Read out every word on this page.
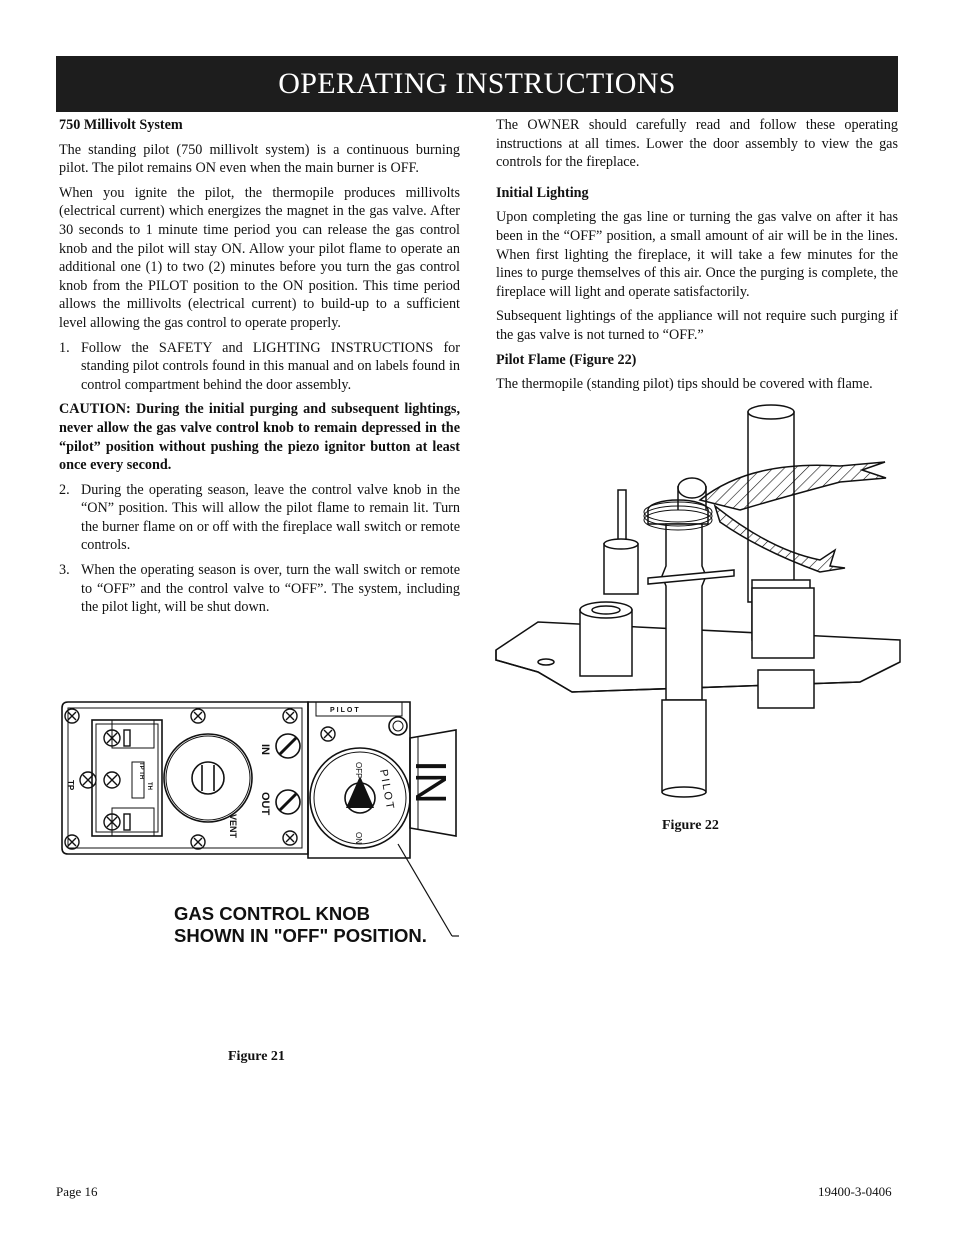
OPERATING INSTRUCTIONS

750 Millivolt System

The standing pilot (750 millivolt system) is a continuous burning pilot. The pilot remains ON even when the main burner is OFF.

When you ignite the pilot, the thermopile produces millivolts (electrical current) which energizes the magnet in the gas valve. After 30 seconds to 1 minute time period you can release the gas control knob and the pilot will stay ON. Allow your pilot flame to operate an additional one (1) to two (2) minutes before you turn the gas control knob from the PILOT position to the ON position. This time period allows the millivolts (electrical current) to build-up to a sufficient level allowing the gas control to operate properly.

1. Follow the SAFETY and LIGHTING INSTRUCTIONS for standing pilot controls found in this manual and on labels found in control compartment behind the door assembly.

CAUTION: During the initial purging and subsequent lightings, never allow the gas valve control knob to remain depressed in the “pilot” position without pushing the piezo ignitor button at least once every second.

2. During the operating season, leave the control valve knob in the “ON” position. This will allow the pilot flame to remain lit. Turn the burner flame on or off with the fireplace wall switch or remote controls.
3. When the operating season is over, turn the wall switch or remote to “OFF” and the control valve to “OFF”. The system, including the pilot light, will be shut down.

The OWNER should carefully read and follow these operating instructions at all times. Lower the door assembly to view the gas controls for the fireplace.

Initial Lighting

Upon completing the gas line or turning the gas valve on after it has been in the “OFF” position, a small amount of air will be in the lines. When first lighting the fireplace, it will take a few minutes for the lines to purge themselves of this air. Once the purging is complete, the fireplace will light and operate satisfactorily.

Subsequent lightings of the appliance will not require such purging if the gas valve is not turned to “OFF.”

Pilot Flame (Figure 22)

The thermopile (standing pilot) tips should be covered with flame.

PILOT
TP
TP TH
TH
IN
OUT
VENT
OFF
ON
PILOT IN
GAS CONTROL KNOB
SHOWN IN "OFF" POSITION.
Figure 21
Figure 22
Page 16	19400-3-0406
